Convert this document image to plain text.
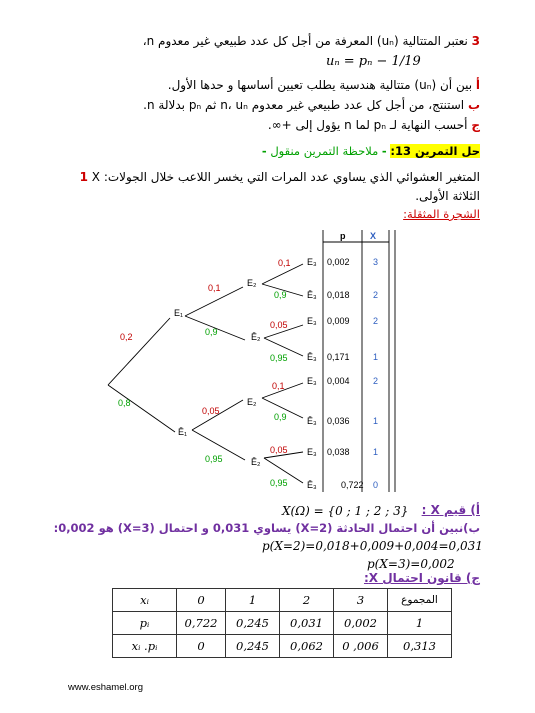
3 نعتبر المتتالية (uₙ) المعرفة من أجل كل عدد طبيعي غير معدوم n،
uₙ = pₙ − 1/19
أ بين أن (uₙ) متتالية هندسية يطلب تعيين أساسها و حدها الأول.
ب استنتج، من أجل كل عدد طبيعي غير معدوم n، uₙ ثم pₙ بدلالة n.
ج أحسب النهاية لـ pₙ لما n يؤول إلى +∞.
حل التمرين 13: - ملاحظة التمرين منقول -
1 X :المتغير العشوائي الذي يساوي عدد المرات التي يخسر اللاعب خلال الجولات
الثلاثة الأولى.
الشجرة المثقلة:
p	X
E₁
0,2
Ē₁
0,8
E₂
0,1
Ē₂
0,9
E₂
0,05
Ē₂
0,95
E₃
0,1	0,002	3
Ē₃
0,9	0,018	2
E₃
0,05	0,009	2
Ē₃
0,95	0,171	1
E₃
0,1	0,004	2
Ē₃
0,9	0,036	1
E₃
0,05	0,038	1
Ē₃
0,95	0,722 0
أ) قيم X :
X(Ω) = {0 ; 1 ; 2 ; 3}
ب)نبين أن احتمال الحادثة (X=2) يساوي 0,031 و احتمال (X=3) هو 0,002:
p(X=2)=0,018+0,009+0,004=0,031
p(X=3)=0,002
ج) قانون احتمال X:
xᵢ	0	1	2	3	المجموع
pᵢ	0,722	0,245	0,031	0,002	1
xᵢ .pᵢ	0	0,245	0,062	0 ,006	0,313
www.eshamel.org
